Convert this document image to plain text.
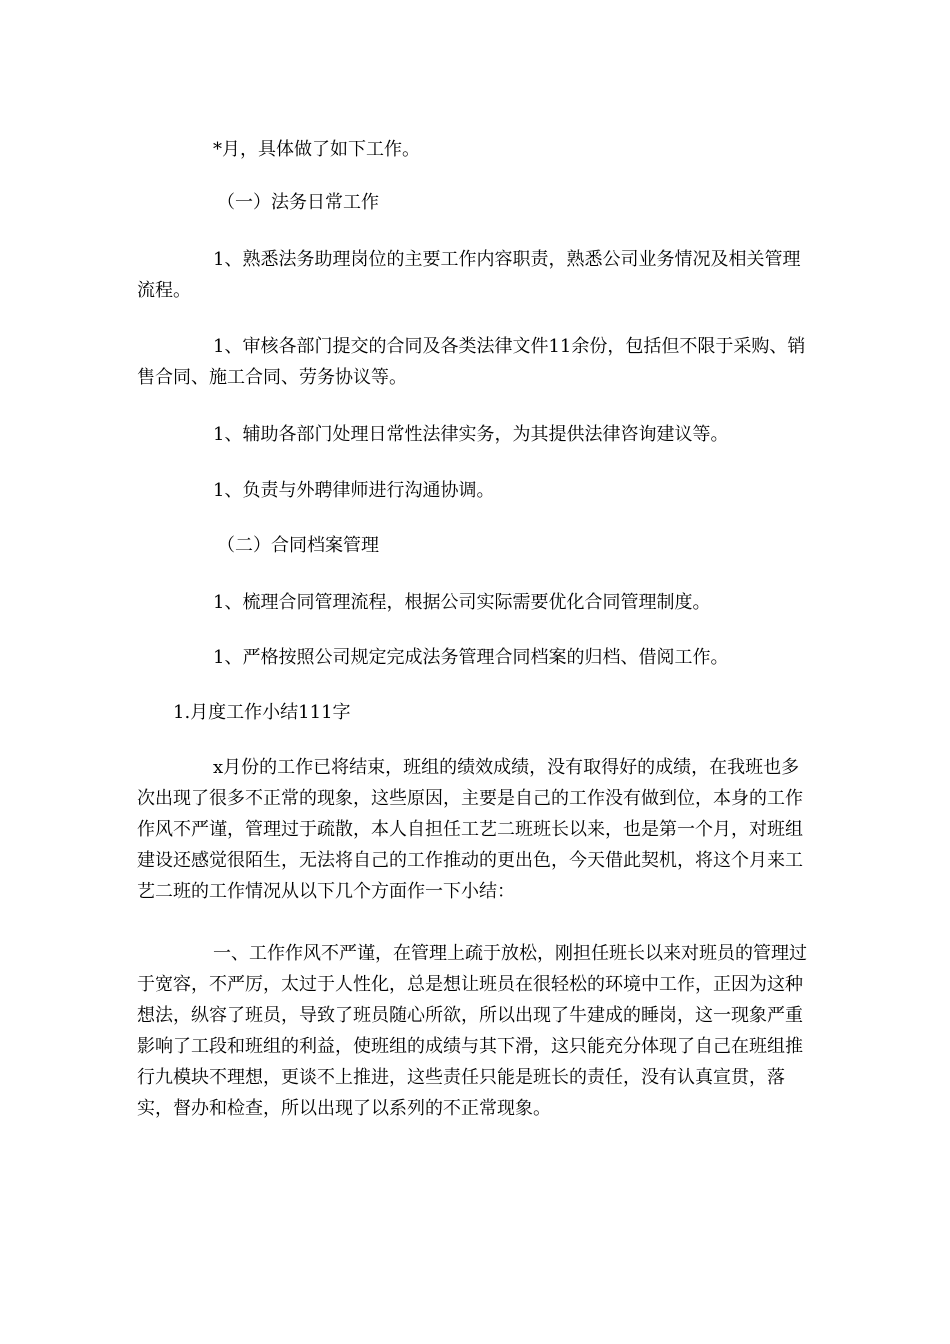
*月，具体做了如下工作。

（一）法务日常工作

1、熟悉法务助理岗位的主要工作内容职责，熟悉公司业务情况及相关管理流程。

1、审核各部门提交的合同及各类法律文件11余份，包括但不限于采购、销售合同、施工合同、劳务协议等。

1、辅助各部门处理日常性法律实务，为其提供法律咨询建议等。

1、负责与外聘律师进行沟通协调。

（二）合同档案管理

1、梳理合同管理流程，根据公司实际需要优化合同管理制度。

1、严格按照公司规定完成法务管理合同档案的归档、借阅工作。

1.月度工作小结111字

x月份的工作已将结束，班组的绩效成绩，没有取得好的成绩，在我班也多次出现了很多不正常的现象，这些原因，主要是自己的工作没有做到位，本身的工作作风不严谨，管理过于疏散，本人自担任工艺二班班长以来，也是第一个月，对班组建设还感觉很陌生，无法将自己的工作推动的更出色，今天借此契机，将这个月来工艺二班的工作情况从以下几个方面作一下小结：

一、工作作风不严谨，在管理上疏于放松，刚担任班长以来对班员的管理过于宽容，不严厉，太过于人性化，总是想让班员在很轻松的环境中工作，正因为这种想法，纵容了班员，导致了班员随心所欲，所以出现了牛建成的睡岗，这一现象严重影响了工段和班组的利益，使班组的成绩与其下滑，这只能充分体现了自己在班组推行九模块不理想，更谈不上推进，这些责任只能是班长的责任，没有认真宣贯，落实，督办和检查，所以出现了以系列的不正常现象。
